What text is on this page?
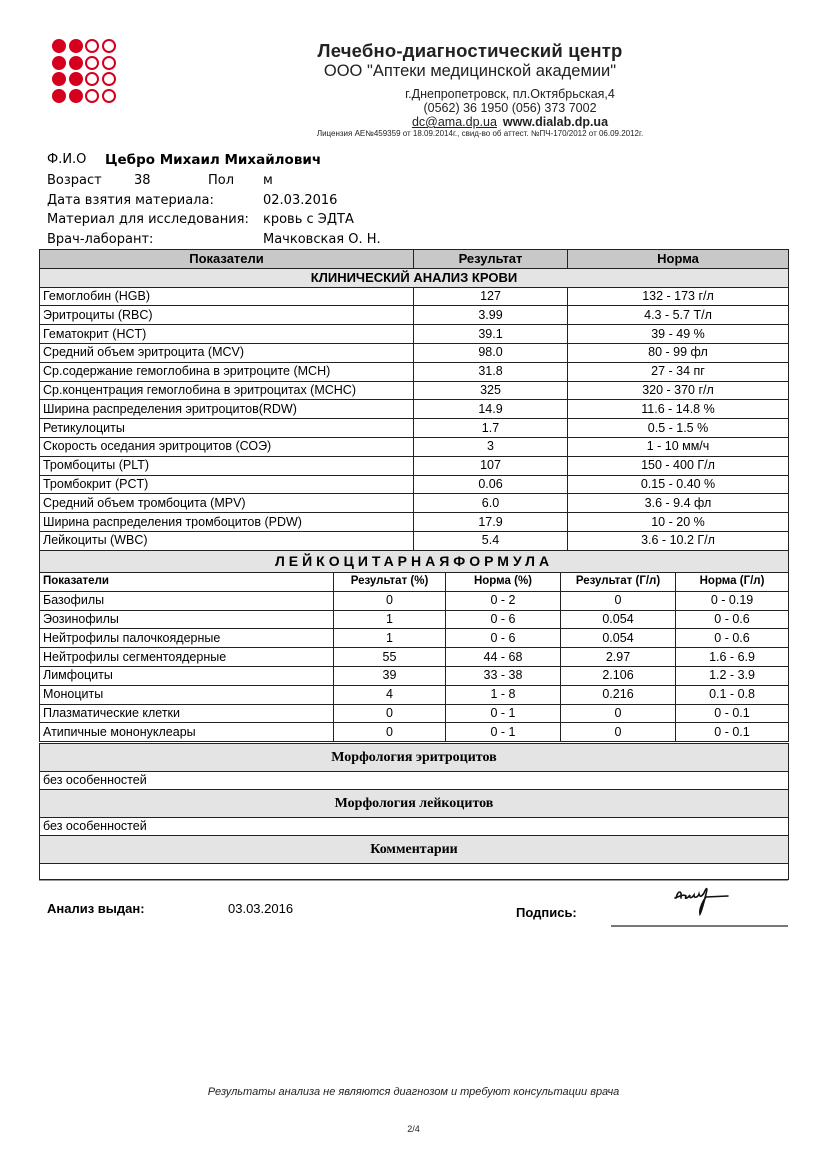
Лечебно-диагностический центр
ООО "Аптеки медицинской академии"
г.Днепропетровск, пл.Октябрьская,4
(0562) 36 1950 (056) 373 7002
dc@ama.dp.ua www.dialab.dp.ua
Лицензия АЕ№459359 от 18.09.2014г., свид-во об аттест. №ПЧ-170/2012 от 06.09.2012г.
Ф.И.О Цебро Михаил Михайлович
Возраст 38	Пол м
Дата взятия материала:	02.03.2016
Материал для исследования: кровь с ЭДТА
Врач-лаборант:	Мачковская О. Н.
Показатели	Результат	Норма
КЛИНИЧЕСКИЙ АНАЛИЗ КРОВИ		
Гемоглобин (HGB)	127	132 - 173 г/л
Эритроциты (RBC)	3.99	4.3 - 5.7 Т/л
Гематокрит (HCT)	39.1	39 - 49 %
Средний объем эритроцита (MCV)	98.0	80 - 99 фл
Ср.содержание гемоглобина в эритроците (MCH)	31.8	27 - 34 пг
Ср.концентрация гемоглобина в эритроцитах (MCHC)	325	320 - 370 г/л
Ширина распределения эритроцитов(RDW)	14.9	11.6 - 14.8 %
Ретикулоциты	1.7	0.5 - 1.5 %
Скорость оседания эритроцитов (СОЭ)	3	1 - 10 мм/ч
Тромбоциты (PLT)	107	150 - 400 Г/л
Тромбокрит (PCT)	0.06	0.15 - 0.40 %
Средний объем тромбоцита (MPV)	6.0	3.6 - 9.4 фл
Ширина распределения тромбоцитов (PDW)	17.9	10 - 20 %
Лейкоциты (WBC)	5.4	3.6 - 10.2 Г/л
ЛЕЙКОЦИТАРНАЯФОРМУЛА				
Показатели	Результат (%)	Норма (%)	Результат (Г/л)	Норма (Г/л)
Базофилы	0	0 - 2	0	0 - 0.19
Эозинофилы	1	0 - 6	0.054	0 - 0.6
Нейтрофилы палочкоядерные	1	0 - 6	0.054	0 - 0.6
Нейтрофилы сегментоядерные	55	44 - 68	2.97	1.6 - 6.9
Лимфоциты	39	33 - 38	2.106	1.2 - 3.9
Моноциты	4	1 - 8	0.216	0.1 - 0.8
Плазматические клетки	0	0 - 1	0	0 - 0.1
Атипичные мононуклеары	0	0 - 1	0	0 - 0.1
Морфология эритроцитов
без особенностей
Морфология лейкоцитов
без особенностей
Комментарии

Анализ выдан:	03.03.2016	Подпись:
Результаты анализа не являются диагнозом и требуют консультации врача
2/4
